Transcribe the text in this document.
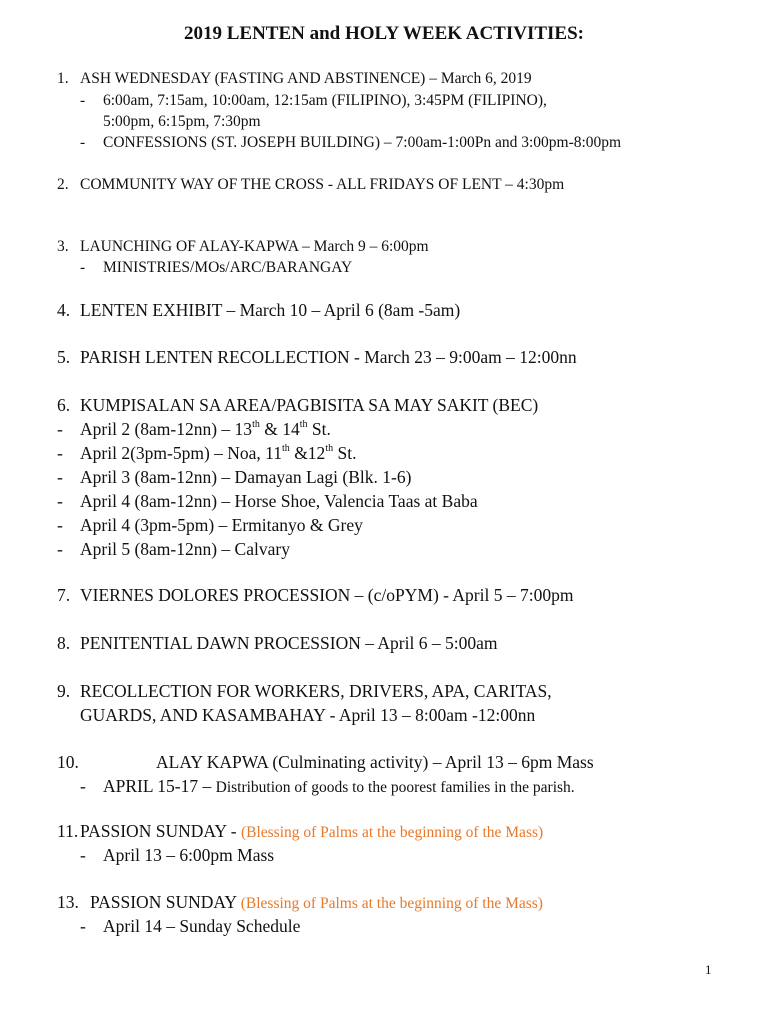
2019 LENTEN and HOLY WEEK ACTIVITIES:
1. ASH WEDNESDAY (FASTING AND ABSTINENCE) – March 6, 2019
- 6:00am, 7:15am, 10:00am, 12:15am (FILIPINO), 3:45PM (FILIPINO),
5:00pm, 6:15pm, 7:30pm
- CONFESSIONS (ST. JOSEPH BUILDING) – 7:00am-1:00Pn and 3:00pm-8:00pm
2. COMMUNITY WAY OF THE CROSS - ALL FRIDAYS OF LENT – 4:30pm
3. LAUNCHING OF ALAY-KAPWA – March 9 – 6:00pm
- MINISTRIES/MOs/ARC/BARANGAY
4. LENTEN EXHIBIT – March 10 – April 6 (8am -5am)
5. PARISH LENTEN RECOLLECTION - March 23 – 9:00am – 12:00nn
6. KUMPISALAN SA AREA/PAGBISITA SA MAY SAKIT (BEC)
- April 2 (8am-12nn) – 13th & 14th St.
- April 2(3pm-5pm) – Noa, 11th &12th St.
- April 3 (8am-12nn) – Damayan Lagi (Blk. 1-6)
- April 4 (8am-12nn) – Horse Shoe, Valencia Taas at Baba
- April 4 (3pm-5pm) – Ermitanyo & Grey
- April 5 (8am-12nn) – Calvary
7. VIERNES DOLORES PROCESSION – (c/oPYM) - April 5 – 7:00pm
8. PENITENTIAL DAWN PROCESSION – April 6 – 5:00am
9. RECOLLECTION FOR WORKERS, DRIVERS, APA, CARITAS,
GUARDS, AND KASAMBAHAY - April 13 – 8:00am -12:00nn
10.	ALAY KAPWA (Culminating activity) – April 13 – 6pm Mass
- APRIL 15-17 – Distribution of goods to the poorest families in the parish.
11. PASSION SUNDAY - (Blessing of Palms at the beginning of the Mass)
- April 13 – 6:00pm Mass
13. PASSION SUNDAY (Blessing of Palms at the beginning of the Mass)
- April 14 – Sunday Schedule
1
